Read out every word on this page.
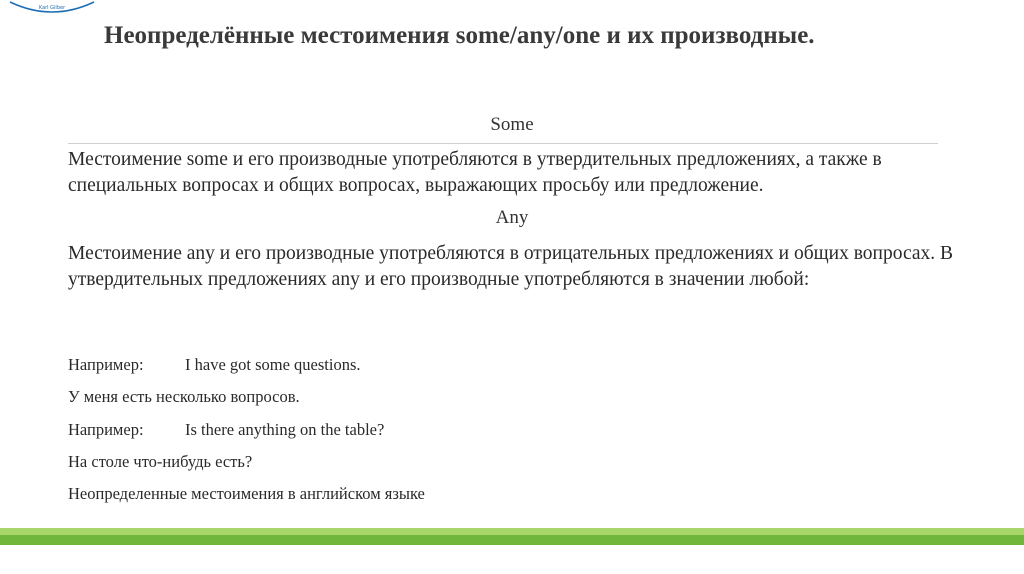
Karl Gilber
Неопределённые местоимения some/any/one и их производные.
Some
Местоимение some и его производные употребляются в утвердительных предложениях, а также в специальных вопросах и общих вопросах, выражающих просьбу или предложение.
Any
Местоимение any и его производные употребляются в отрицательных предложениях и общих вопросах. В утвердительных предложениях any и его производные употребляются в значении любой:
Например:	I have got some questions.
У меня есть несколько вопросов.
Например:	Is there anything on the table?
На столе что-нибудь есть?
Неопределенные местоимения в английском языке
